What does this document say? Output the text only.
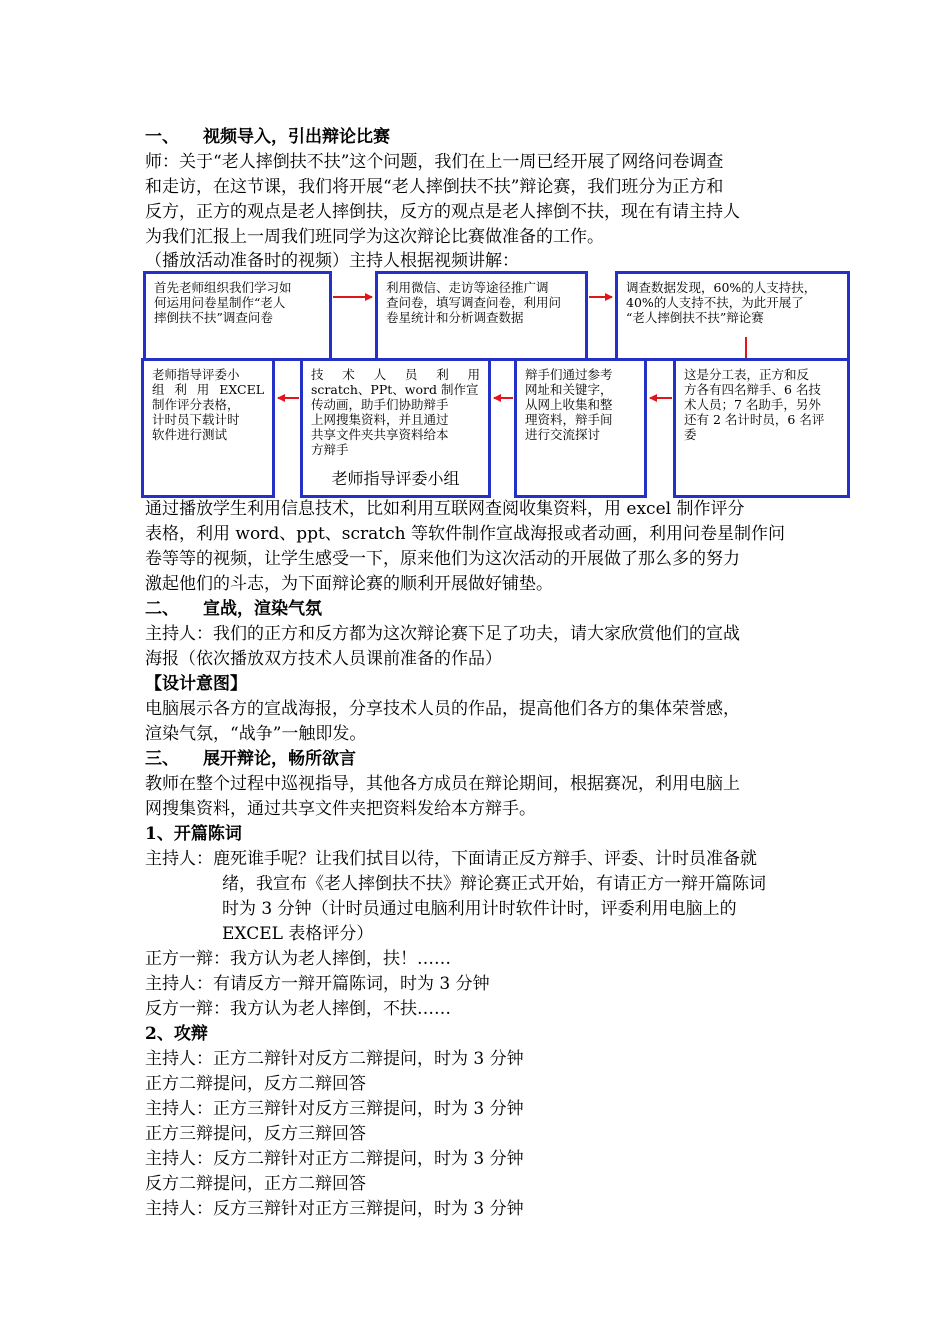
一、 视频导入，引出辩论比赛
师：关于“老人摔倒扶不扶”这个问题，我们在上一周已经开展了网络问卷调查
和走访，在这节课，我们将开展“老人摔倒扶不扶”辩论赛，我们班分为正方和
反方，正方的观点是老人摔倒扶，反方的观点是老人摔倒不扶，现在有请主持人
为我们汇报上一周我们班同学为这次辩论比赛做准备的工作。
（播放活动准备时的视频）主持人根据视频讲解：
首先老师组织我们学习如
何运用问卷星制作“老人
摔倒扶不扶”调查问卷
利用微信、走访等途径推广调
查问卷，填写调查问卷，利用问
卷星统计和分析调查数据
调查数据发现，60%的人支持扶，
40%的人支持不扶，为此开展了
“老人摔倒扶不扶”辩论赛
这是分工表，正方和反
方各有四名辩手、6 名技
术人员；7 名助手，另外
还有 2 名计时员，6 名评
委
辩手们通过参考
网址和关键字，
从网上收集和整
理资料，辩手间
进行交流探讨
技 术 人 员 利 用
scratch、PPt、word 制作宣
传动画，助手们协助辩手
上网搜集资料，并且通过
共享文件夹共享资料给本
方辩手
老师指导评委小组
老师指导评委小
组 利 用 EXCEL
制作评分表格，
计时员下载计时
软件进行测试
通过播放学生利用信息技术，比如利用互联网查阅收集资料，用 excel 制作评分
表格，利用 word、ppt、scratch 等软件制作宣战海报或者动画，利用问卷星制作问
卷等等的视频，让学生感受一下，原来他们为这次活动的开展做了那么多的努力
激起他们的斗志，为下面辩论赛的顺利开展做好铺垫。
二、 宣战，渲染气氛
主持人：我们的正方和反方都为这次辩论赛下足了功夫，请大家欣赏他们的宣战
海报（依次播放双方技术人员课前准备的作品）
【设计意图】
电脑展示各方的宣战海报，分享技术人员的作品，提高他们各方的集体荣誉感，
渲染气氛，“战争”一触即发。
三、 展开辩论，畅所欲言
教师在整个过程中巡视指导，其他各方成员在辩论期间，根据赛况，利用电脑上
网搜集资料，通过共享文件夹把资料发给本方辩手。
1、开篇陈词
主持人：鹿死谁手呢？让我们拭目以待，下面请正反方辩手、评委、计时员准备就
绪，我宣布《老人摔倒扶不扶》辩论赛正式开始，有请正方一辩开篇陈词
时为 3 分钟（计时员通过电脑利用计时软件计时，评委利用电脑上的
EXCEL 表格评分）
正方一辩：我方认为老人摔倒，扶！……
主持人：有请反方一辩开篇陈词，时为 3 分钟
反方一辩：我方认为老人摔倒，不扶……
2、攻辩
主持人：正方二辩针对反方二辩提问，时为 3 分钟
正方二辩提问，反方二辩回答
主持人：正方三辩针对反方三辩提问，时为 3 分钟
正方三辩提问，反方三辩回答
主持人：反方二辩针对正方二辩提问，时为 3 分钟
反方二辩提问，正方二辩回答
主持人：反方三辩针对正方三辩提问，时为 3 分钟
